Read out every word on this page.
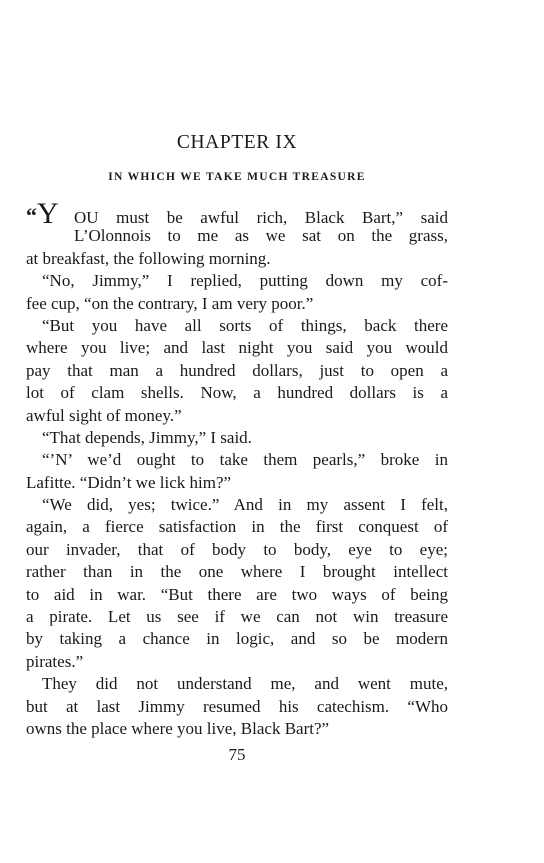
CHAPTER IX
IN WHICH WE TAKE MUCH TREASURE
“Y OU must be awful rich, Black Bart,” said
L’Olonnois to me as we sat on the grass,
at breakfast, the following morning.
“No, Jimmy,” I replied, putting down my cof-
fee cup, “on the contrary, I am very poor.”
“But you have all sorts of things, back there
where you live; and last night you said you would
pay that man a hundred dollars, just to open a
lot of clam shells. Now, a hundred dollars is a
awful sight of money.”
“That depends, Jimmy,” I said.
“’N’ we’d ought to take them pearls,” broke in
Lafitte. “Didn’t we lick him?”
“We did, yes; twice.” And in my assent I felt,
again, a fierce satisfaction in the first conquest of
our invader, that of body to body, eye to eye;
rather than in the one where I brought intellect
to aid in war. “But there are two ways of being
a pirate. Let us see if we can not win treasure
by taking a chance in logic, and so be modern
pirates.”
They did not understand me, and went mute,
but at last Jimmy resumed his catechism. “Who
owns the place where you live, Black Bart?”
75
